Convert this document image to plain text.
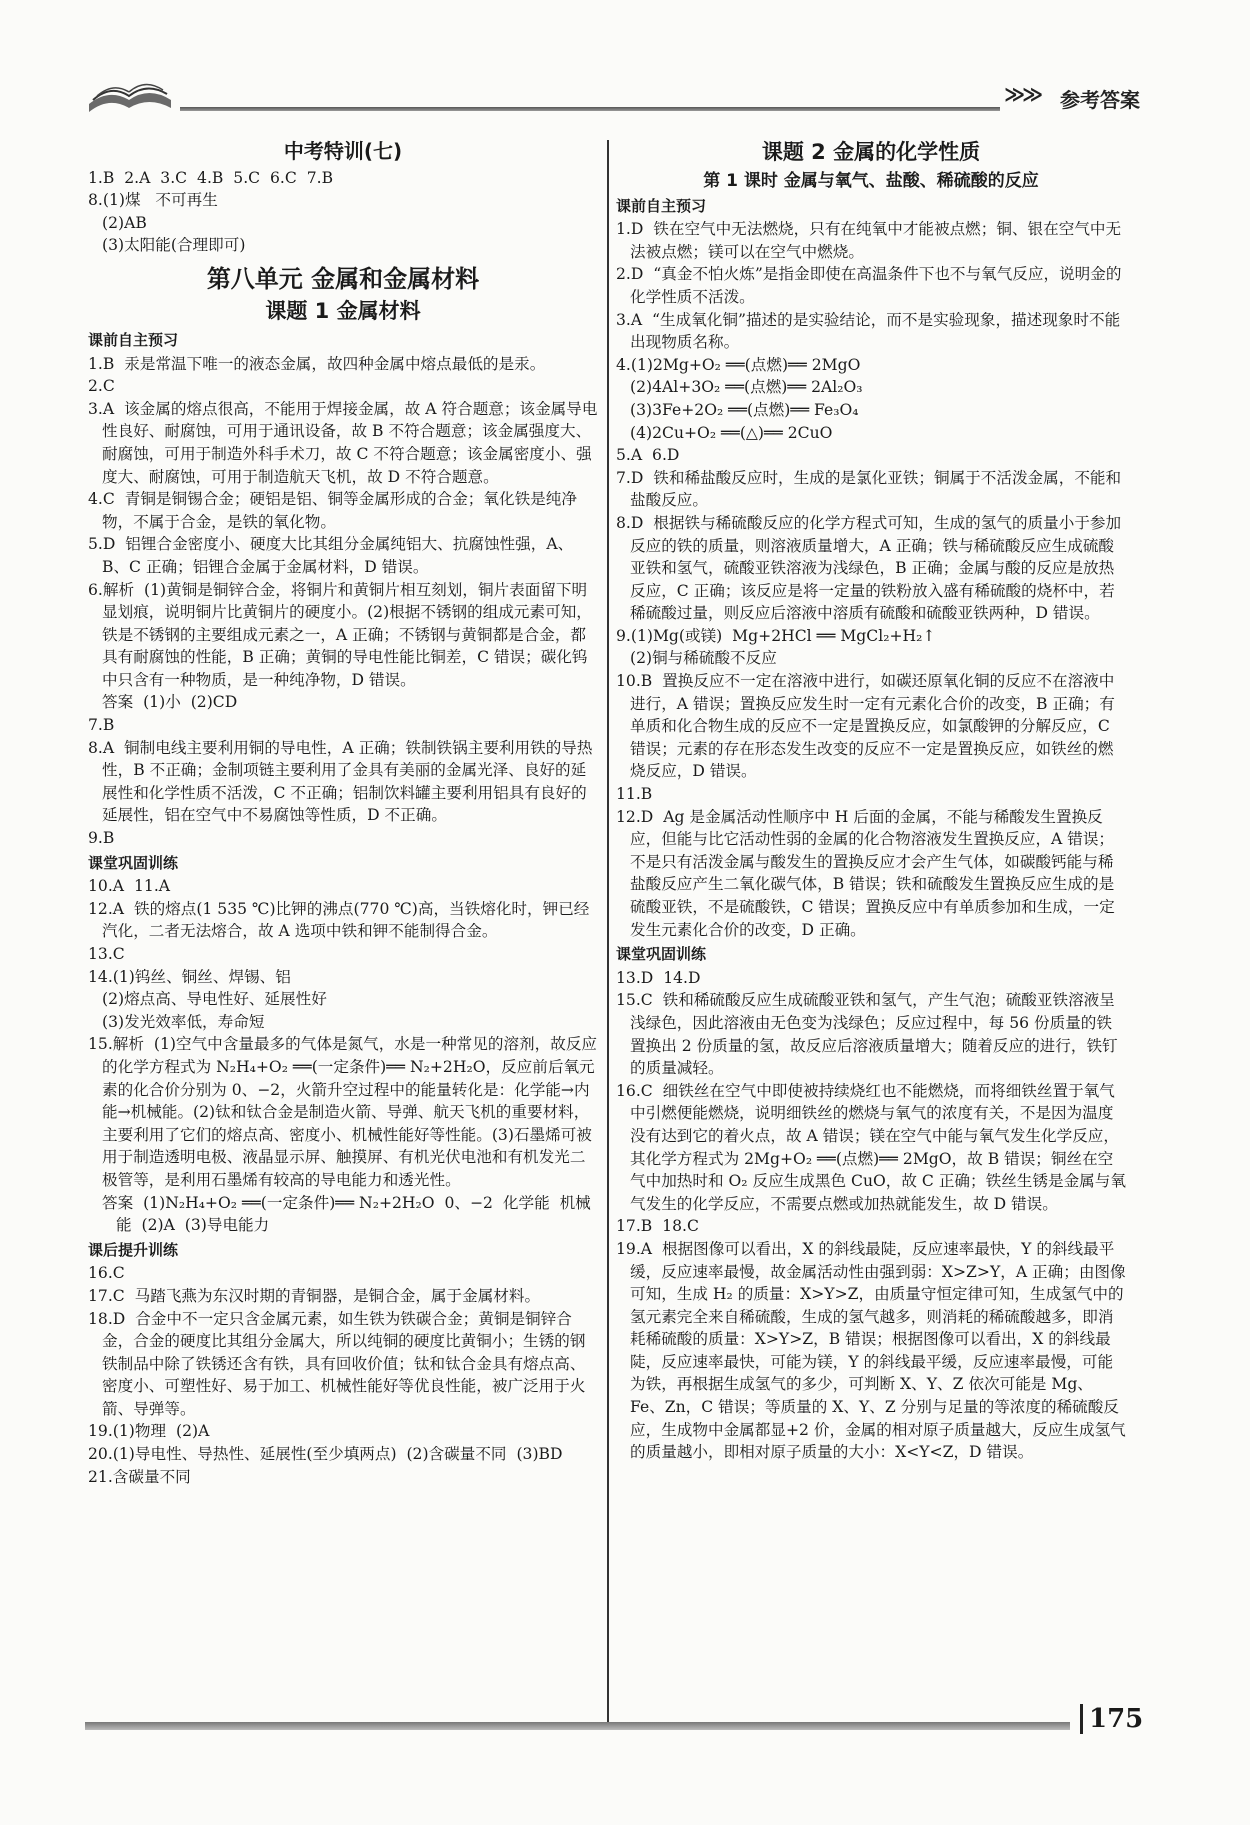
≫≫ 参考答案
中考特训(七)

1.B  2.A  3.C  4.B  5.C  6.C  7.B

8.(1)煤   不可再生

(2)AB

(3)太阳能(合理即可)

第八单元 金属和金属材料
课题 1 金属材料
课前自主预习

1.B  汞是常温下唯一的液态金属，故四种金属中熔点最低的是汞。

2.C

3.A  该金属的熔点很高，不能用于焊接金属，故 A 符合题意；该金属导电性良好、耐腐蚀，可用于通讯设备，故 B 不符合题意；该金属强度大、耐腐蚀，可用于制造外科手术刀，故 C 不符合题意；该金属密度小、强度大、耐腐蚀，可用于制造航天飞机，故 D 不符合题意。

4.C  青铜是铜锡合金；硬铝是铝、铜等金属形成的合金；氧化铁是纯净物，不属于合金，是铁的氧化物。

5.D  铝锂合金密度小、硬度大比其组分金属纯铝大、抗腐蚀性强，A、B、C 正确；铝锂合金属于金属材料，D 错误。

6.解析  (1)黄铜是铜锌合金，将铜片和黄铜片相互刻划，铜片表面留下明显划痕，说明铜片比黄铜片的硬度小。(2)根据不锈钢的组成元素可知，铁是不锈钢的主要组成元素之一，A 正确；不锈钢与黄铜都是合金，都具有耐腐蚀的性能，B 正确；黄铜的导电性能比铜差，C 错误；碳化钨中只含有一种物质，是一种纯净物，D 错误。

答案  (1)小  (2)CD

7.B

8.A  铜制电线主要利用铜的导电性，A 正确；铁制铁锅主要利用铁的导热性，B 不正确；金制项链主要利用了金具有美丽的金属光泽、良好的延展性和化学性质不活泼，C 不正确；铝制饮料罐主要利用铝具有良好的延展性，铝在空气中不易腐蚀等性质，D 不正确。

9.B

课堂巩固训练

10.A  11.A

12.A  铁的熔点(1 535 ℃)比钾的沸点(770 ℃)高，当铁熔化时，钾已经汽化，二者无法熔合，故 A 选项中铁和钾不能制得合金。

13.C

14.(1)钨丝、铜丝、焊锡、铝

(2)熔点高、导电性好、延展性好

(3)发光效率低，寿命短

15.解析  (1)空气中含量最多的气体是氮气，水是一种常见的溶剂，故反应的化学方程式为 N₂H₄+O₂ ══(一定条件)══ N₂+2H₂O，反应前后氧元素的化合价分别为 0、−2，火箭升空过程中的能量转化是：化学能→内能→机械能。(2)钛和钛合金是制造火箭、导弹、航天飞机的重要材料，主要利用了它们的熔点高、密度小、机械性能好等性能。(3)石墨烯可被用于制造透明电极、液晶显示屏、触摸屏、有机光伏电池和有机发光二极管等，是利用石墨烯有较高的导电能力和透光性。

答案  (1)N₂H₄+O₂ ══(一定条件)══ N₂+2H₂O  0、−2  化学能  机械能  (2)A  (3)导电能力

课后提升训练

16.C

17.C  马踏飞燕为东汉时期的青铜器，是铜合金，属于金属材料。

18.D  合金中不一定只含金属元素，如生铁为铁碳合金；黄铜是铜锌合金，合金的硬度比其组分金属大，所以纯铜的硬度比黄铜小；生锈的钢铁制品中除了铁锈还含有铁，具有回收价值；钛和钛合金具有熔点高、密度小、可塑性好、易于加工、机械性能好等优良性能，被广泛用于火箭、导弹等。

19.(1)物理  (2)A

20.(1)导电性、导热性、延展性(至少填两点)  (2)含碳量不同  (3)BD

21.含碳量不同

课题 2 金属的化学性质
第 1 课时 金属与氧气、盐酸、稀硫酸的反应
课前自主预习

1.D  铁在空气中无法燃烧，只有在纯氧中才能被点燃；铜、银在空气中无法被点燃；镁可以在空气中燃烧。

2.D  “真金不怕火炼”是指金即使在高温条件下也不与氧气反应，说明金的化学性质不活泼。

3.A  “生成氧化铜”描述的是实验结论，而不是实验现象，描述现象时不能出现物质名称。

4.(1)2Mg+O₂ ══(点燃)══ 2MgO

(2)4Al+3O₂ ══(点燃)══ 2Al₂O₃

(3)3Fe+2O₂ ══(点燃)══ Fe₃O₄

(4)2Cu+O₂ ══(△)══ 2CuO

5.A  6.D

7.D  铁和稀盐酸反应时，生成的是氯化亚铁；铜属于不活泼金属，不能和盐酸反应。

8.D  根据铁与稀硫酸反应的化学方程式可知，生成的氢气的质量小于参加反应的铁的质量，则溶液质量增大，A 正确；铁与稀硫酸反应生成硫酸亚铁和氢气，硫酸亚铁溶液为浅绿色，B 正确；金属与酸的反应是放热反应，C 正确；该反应是将一定量的铁粉放入盛有稀硫酸的烧杯中，若稀硫酸过量，则反应后溶液中溶质有硫酸和硫酸亚铁两种，D 错误。

9.(1)Mg(或镁)  Mg+2HCl ══ MgCl₂+H₂↑

(2)铜与稀硫酸不反应

10.B  置换反应不一定在溶液中进行，如碳还原氧化铜的反应不在溶液中进行，A 错误；置换反应发生时一定有元素化合价的改变，B 正确；有单质和化合物生成的反应不一定是置换反应，如氯酸钾的分解反应，C 错误；元素的存在形态发生改变的反应不一定是置换反应，如铁丝的燃烧反应，D 错误。

11.B

12.D  Ag 是金属活动性顺序中 H 后面的金属，不能与稀酸发生置换反应，但能与比它活动性弱的金属的化合物溶液发生置换反应，A 错误；不是只有活泼金属与酸发生的置换反应才会产生气体，如碳酸钙能与稀盐酸反应产生二氧化碳气体，B 错误；铁和硫酸发生置换反应生成的是硫酸亚铁，不是硫酸铁，C 错误；置换反应中有单质参加和生成，一定发生元素化合价的改变，D 正确。

课堂巩固训练

13.D  14.D

15.C  铁和稀硫酸反应生成硫酸亚铁和氢气，产生气泡；硫酸亚铁溶液呈浅绿色，因此溶液由无色变为浅绿色；反应过程中，每 56 份质量的铁置换出 2 份质量的氢，故反应后溶液质量增大；随着反应的进行，铁钉的质量减轻。

16.C  细铁丝在空气中即使被持续烧红也不能燃烧，而将细铁丝置于氧气中引燃便能燃烧，说明细铁丝的燃烧与氧气的浓度有关，不是因为温度没有达到它的着火点，故 A 错误；镁在空气中能与氧气发生化学反应，其化学方程式为 2Mg+O₂ ══(点燃)══ 2MgO，故 B 错误；铜丝在空气中加热时和 O₂ 反应生成黑色 CuO，故 C 正确；铁丝生锈是金属与氧气发生的化学反应，不需要点燃或加热就能发生，故 D 错误。

17.B  18.C

19.A  根据图像可以看出，X 的斜线最陡，反应速率最快，Y 的斜线最平缓，反应速率最慢，故金属活动性由强到弱：X>Z>Y，A 正确；由图像可知，生成 H₂ 的质量：X>Y>Z，由质量守恒定律可知，生成氢气中的氢元素完全来自稀硫酸，生成的氢气越多，则消耗的稀硫酸越多，即消耗稀硫酸的质量：X>Y>Z，B 错误；根据图像可以看出，X 的斜线最陡，反应速率最快，可能为镁，Y 的斜线最平缓，反应速率最慢，可能为铁，再根据生成氢气的多少，可判断 X、Y、Z 依次可能是 Mg、Fe、Zn，C 错误；等质量的 X、Y、Z 分别与足量的等浓度的稀硫酸反应，生成物中金属都显+2 价，金属的相对原子质量越大，反应生成氢气的质量越小，即相对原子质量的大小：X<Y<Z，D 错误。

175
